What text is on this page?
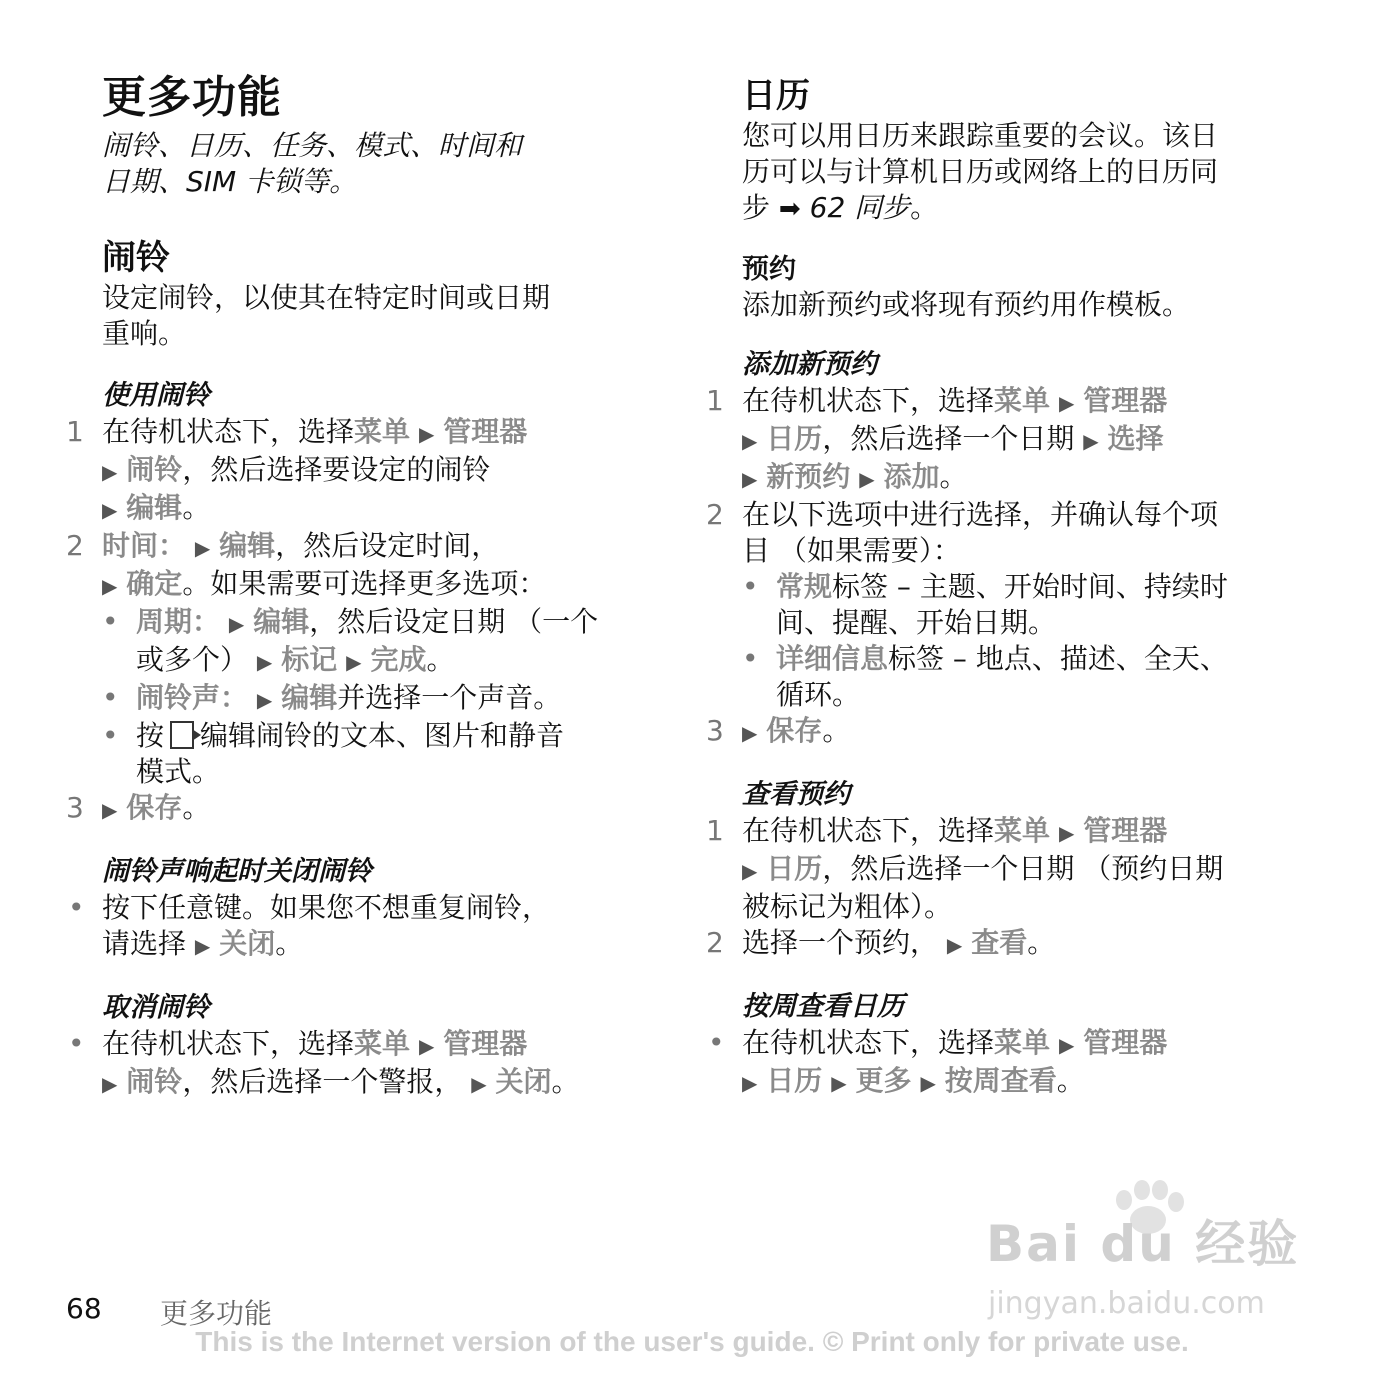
更多功能

闹铃、日历、任务、模式、时间和

日期、SIM 卡锁等。

闹铃

设定闹铃，以使其在特定时间或日期

重响。

使用闹铃
1 在待机状态下，选择菜单 ▶ 管理器
▶ 闹铃，然后选择要设定的闹铃
▶ 编辑。
2 时间： ▶ 编辑，然后设定时间，
▶ 确定。如果需要可选择更多选项：
• 周期： ▶ 编辑，然后设定日期 （一个
或多个） ▶ 标记 ▶ 完成。
• 闹铃声： ▶ 编辑并选择一个声音。
• 按 编辑闹铃的文本、图片和静音
模式。
3 ▶ 保存。
闹铃声响起时关闭闹铃
• 按下任意键。如果您不想重复闹铃，
请选择 ▶ 关闭。
取消闹铃
• 在待机状态下，选择菜单 ▶ 管理器
▶ 闹铃，然后选择一个警报， ▶ 关闭。
日历

您可以用日历来跟踪重要的会议。该日

历可以与计算机日历或网络上的日历同

步 ➡ 62 同步。

预约

添加新预约或将现有预约用作模板。

添加新预约
1 在待机状态下，选择菜单 ▶ 管理器
▶ 日历，然后选择一个日期 ▶ 选择
▶ 新预约 ▶ 添加。
2 在以下选项中进行选择，并确认每个项
目 （如果需要）：
• 常规标签 – 主题、开始时间、持续时
间、提醒、开始日期。
• 详细信息标签 – 地点、描述、全天、
循环。
3 ▶ 保存。
查看预约
1 在待机状态下，选择菜单 ▶ 管理器
▶ 日历，然后选择一个日期 （预约日期
被标记为粗体）。
2 选择一个预约， ▶ 查看。
按周查看日历
• 在待机状态下，选择菜单 ▶ 管理器
▶ 日历 ▶ 更多 ▶ 按周查看。
Bai du 经验
jingyan.baidu.com
68 更多功能
This is the Internet version of the user's guide. © Print only for private use.
